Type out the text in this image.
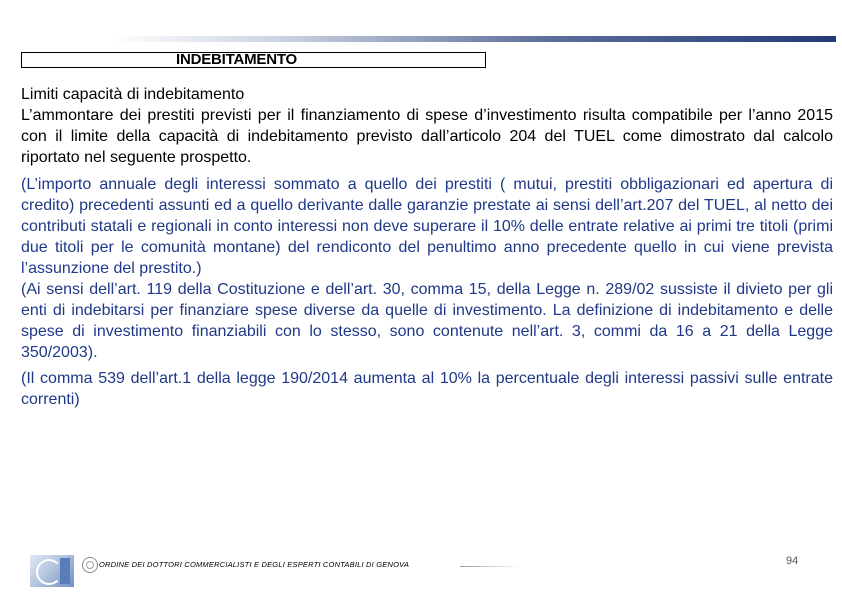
INDEBITAMENTO

Limiti capacità di indebitamento

L’ammontare dei prestiti previsti per il finanziamento di spese d’investimento risulta compatibile per l’anno 2015 con il limite della capacità di indebitamento previsto dall’articolo 204 del TUEL come dimostrato dal calcolo riportato nel seguente prospetto.

(L’importo annuale degli interessi sommato a quello dei prestiti ( mutui, prestiti obbligazionari ed apertura di credito) precedenti assunti ed a quello derivante dalle garanzie prestate ai sensi dell’art.207 del TUEL, al netto dei contributi statali e regionali in conto interessi non deve superare il 10% delle entrate relative ai primi tre titoli (primi due titoli per le comunità montane) del rendiconto del penultimo anno precedente quello in cui viene prevista l’assunzione del prestito.)

(Ai sensi dell’art. 119 della Costituzione e dell’art. 30, comma 15, della Legge n. 289/02 sussiste il divieto per gli enti di indebitarsi per finanziare spese diverse da quelle di investimento. La definizione di indebitamento e delle spese di investimento finanziabili con lo stesso, sono contenute nell’art. 3, commi da 16 a 21 della Legge 350/2003).

(Il comma 539 dell’art.1 della legge 190/2014 aumenta al 10% la percentuale degli interessi passivi sulle entrate correnti)

ORDINE DEI DOTTORI COMMERCIALISTI E DEGLI ESPERTI CONTABILI DI GENOVA	94
